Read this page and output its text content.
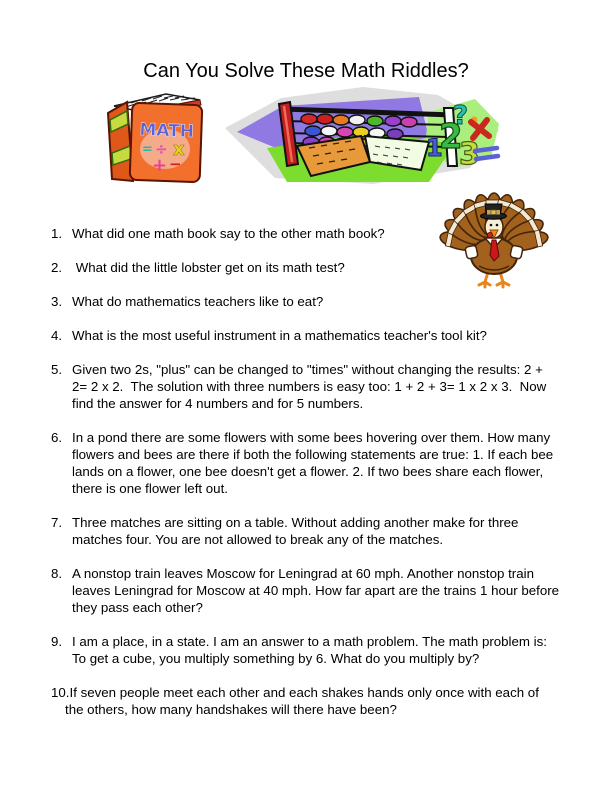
Can You Solve These Math Riddles?
MATH
= ÷ x
+ −
?
2
1 3
1. What did one math book say to the other math book?
2. What did the little lobster get on its math test?
3. What do mathematics teachers like to eat?
4. What is the most useful instrument in a mathematics teacher's tool kit?
5. Given two 2s, "plus" can be changed to "times" without changing the results: 2 + 2= 2 x 2.  The solution with three numbers is easy too: 1 + 2 + 3= 1 x 2 x 3.  Now find the answer for 4 numbers and for 5 numbers.
6. In a pond there are some flowers with some bees hovering over them. How many flowers and bees are there if both the following statements are true: 1. If each bee lands on a flower, one bee doesn't get a flower. 2. If two bees share each flower, there is one flower left out.
7. Three matches are sitting on a table. Without adding another make for three matches four. You are not allowed to break any of the matches.
8. A nonstop train leaves Moscow for Leningrad at 60 mph. Another nonstop train leaves Leningrad for Moscow at 40 mph. How far apart are the trains 1 hour before they pass each other?
9. I am a place, in a state. I am an answer to a math problem. The math problem is: To get a cube, you multiply something by 6. What do you multiply by?
10.If seven people meet each other and each shakes hands only once with each of the others, how many handshakes will there have been?
